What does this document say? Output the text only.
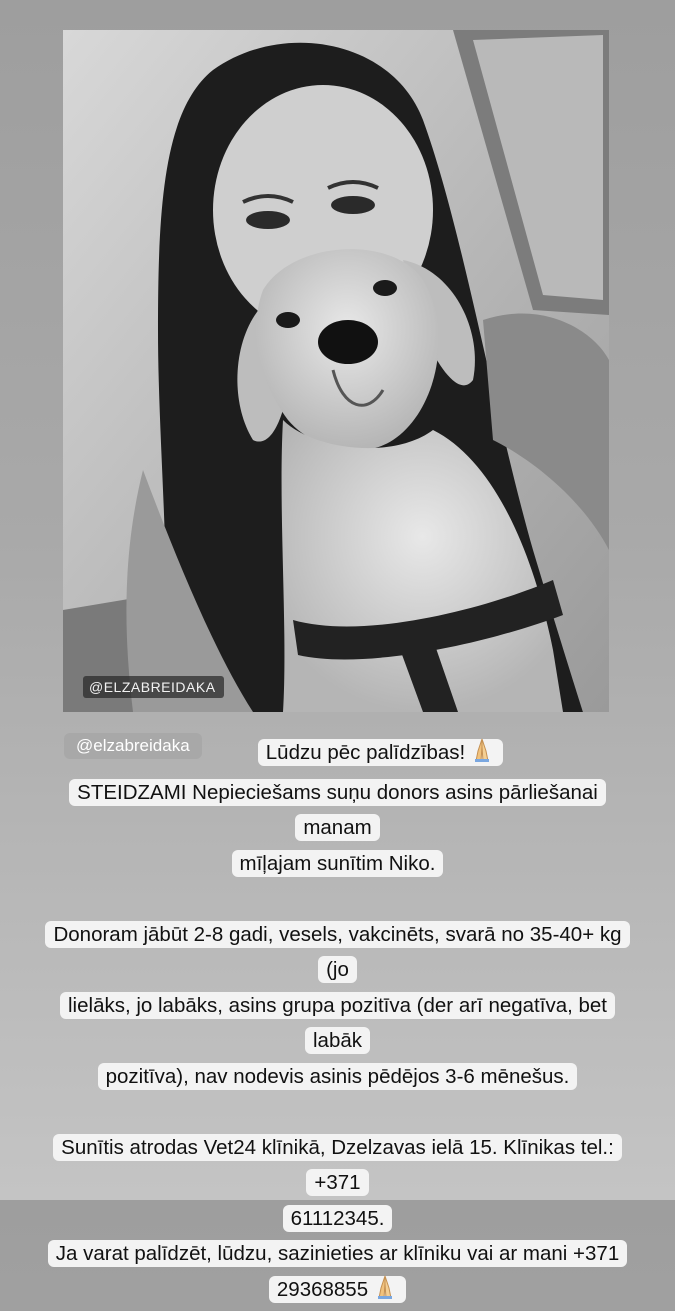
@ELZABREIDAKA
@elzabreidaka	Lūdzu pēc palīdzības!
STEIDZAMI Nepieciešams suņu donors asins pārliešanai manam
mīļajam sunītim Niko.
Donoram jābūt 2-8 gadi, vesels, vakcinēts, svarā no 35-40+ kg (jo
lielāks, jo labāks, asins grupa pozitīva (der arī negatīva, bet labāk
pozitīva), nav nodevis asinis pēdējos 3-6 mēnešus.
Sunītis atrodas Vet24 klīnikā, Dzelzavas ielā 15. Klīnikas tel.: +371
61112345.
Ja varat palīdzēt, lūdzu, sazinieties ar klīniku vai ar mani +371
29368855
